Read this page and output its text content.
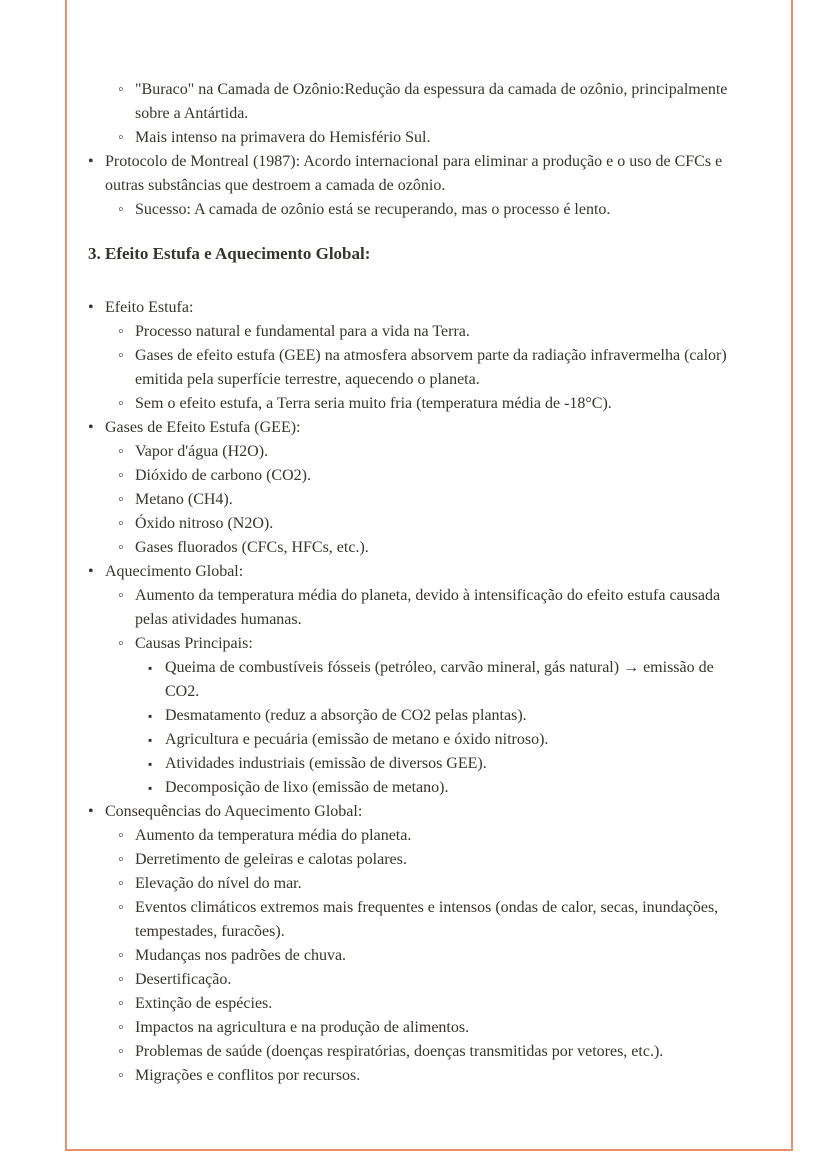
◦ "Buraco" na Camada de Ozônio:Redução da espessura da camada de ozônio, principalmente sobre a Antártida.
◦ Mais intenso na primavera do Hemisfério Sul.
• Protocolo de Montreal (1987): Acordo internacional para eliminar a produção e o uso de CFCs e outras substâncias que destroem a camada de ozônio.
◦ Sucesso: A camada de ozônio está se recuperando, mas o processo é lento.
3. Efeito Estufa e Aquecimento Global:
• Efeito Estufa:
◦ Processo natural e fundamental para a vida na Terra.
◦ Gases de efeito estufa (GEE) na atmosfera absorvem parte da radiação infravermelha (calor) emitida pela superfície terrestre, aquecendo o planeta.
◦ Sem o efeito estufa, a Terra seria muito fria (temperatura média de -18°C).
• Gases de Efeito Estufa (GEE):
◦ Vapor d'água (H2O).
◦ Dióxido de carbono (CO2).
◦ Metano (CH4).
◦ Óxido nitroso (N2O).
◦ Gases fluorados (CFCs, HFCs, etc.).
• Aquecimento Global:
◦ Aumento da temperatura média do planeta, devido à intensificação do efeito estufa causada pelas atividades humanas.
◦ Causas Principais:
▪ Queima de combustíveis fósseis (petróleo, carvão mineral, gás natural) → emissão de CO2.
▪ Desmatamento (reduz a absorção de CO2 pelas plantas).
▪ Agricultura e pecuária (emissão de metano e óxido nitroso).
▪ Atividades industriais (emissão de diversos GEE).
▪ Decomposição de lixo (emissão de metano).
• Consequências do Aquecimento Global:
◦ Aumento da temperatura média do planeta.
◦ Derretimento de geleiras e calotas polares.
◦ Elevação do nível do mar.
◦ Eventos climáticos extremos mais frequentes e intensos (ondas de calor, secas, inundações, tempestades, furacões).
◦ Mudanças nos padrões de chuva.
◦ Desertificação.
◦ Extinção de espécies.
◦ Impactos na agricultura e na produção de alimentos.
◦ Problemas de saúde (doenças respiratórias, doenças transmitidas por vetores, etc.).
◦ Migrações e conflitos por recursos.
